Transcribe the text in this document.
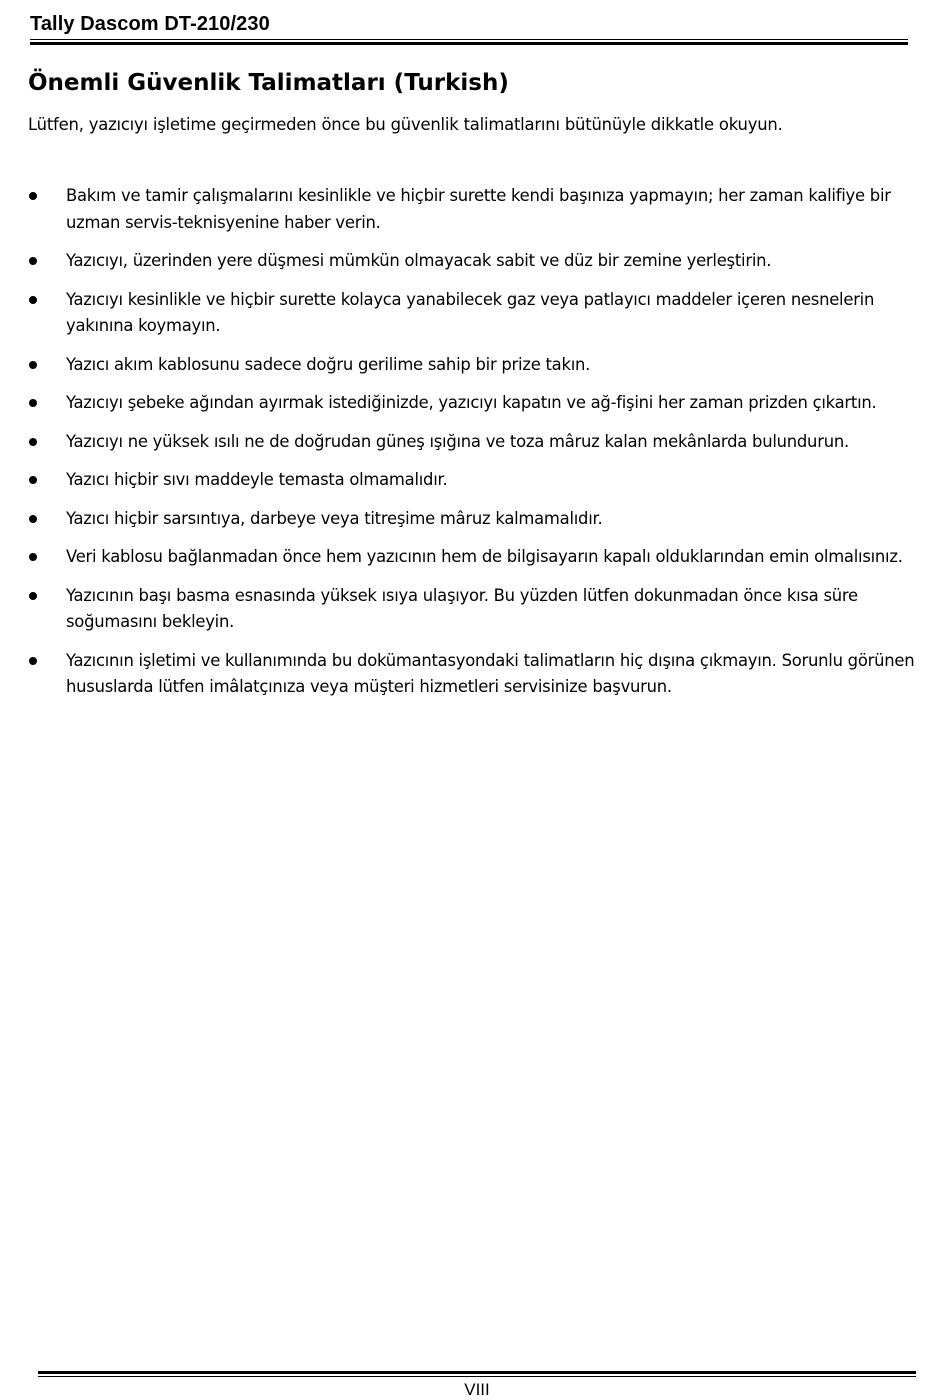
Tally Dascom DT-210/230
Önemli Güvenlik Talimatları (Turkish)

Lütfen, yazıcıyı işletime geçirmeden önce bu güvenlik talimatlarını bütünüyle dikkatle okuyun.

Bakım ve tamir çalışmalarını kesinlikle ve hiçbir surette kendi başınıza yapmayın; her zaman kalifiye bir uzman servis-teknisyenine haber verin.
Yazıcıyı, üzerinden yere düşmesi mümkün olmayacak sabit ve düz bir zemine yerleştirin.
Yazıcıyı kesinlikle ve hiçbir surette kolayca yanabilecek gaz veya patlayıcı maddeler içeren nesnelerin yakınına koymayın.
Yazıcı akım kablosunu sadece doğru gerilime sahip bir prize takın.
Yazıcıyı şebeke ağından ayırmak istediğinizde, yazıcıyı kapatın ve ağ-fişini her zaman prizden çıkartın.
Yazıcıyı ne yüksek ısılı ne de doğrudan güneş ışığına ve toza mâruz kalan mekânlarda bulundurun.
Yazıcı hiçbir sıvı maddeyle temasta olmamalıdır.
Yazıcı hiçbir sarsıntıya, darbeye veya titreşime mâruz kalmamalıdır.
Veri kablosu bağlanmadan önce hem yazıcının hem de bilgisayarın kapalı olduklarından emin olmalısınız.
Yazıcının başı basma esnasında yüksek ısıya ulaşıyor. Bu yüzden lütfen dokunmadan önce kısa süre soğumasını bekleyin.
Yazıcının işletimi ve kullanımında bu dokümantasyondaki talimatların hiç dışına çıkmayın. Sorunlu görünen hususlarda lütfen imâlatçınıza veya müşteri hizmetleri servisinize başvurun.
VIII
